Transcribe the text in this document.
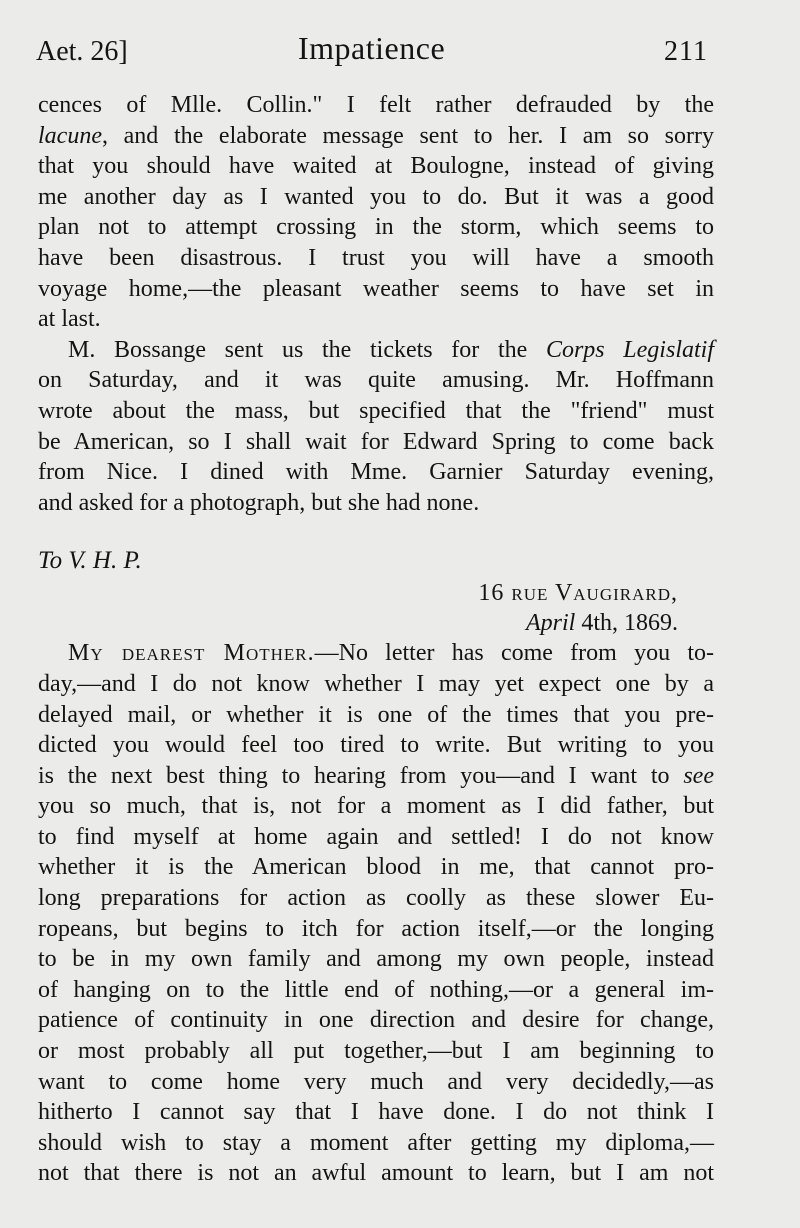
Aet. 26]	Impatience	211
cences of Mlle. Collin." I felt rather defrauded by the
lacune, and the elaborate message sent to her. I am so sorry
that you should have waited at Boulogne, instead of giving
me another day as I wanted you to do. But it was a good
plan not to attempt crossing in the storm, which seems to
have been disastrous. I trust you will have a smooth
voyage home,—the pleasant weather seems to have set in
at last.
M. Bossange sent us the tickets for the Corps Legislatif
on Saturday, and it was quite amusing. Mr. Hoffmann
wrote about the mass, but specified that the "friend" must
be American, so I shall wait for Edward Spring to come back
from Nice. I dined with Mme. Garnier Saturday evening,
and asked for a photograph, but she had none.
To V. H. P.
16 rue Vaugirard,
April 4th, 1869.
My dearest Mother.—No letter has come from you to-
day,—and I do not know whether I may yet expect one by a
delayed mail, or whether it is one of the times that you pre-
dicted you would feel too tired to write. But writing to you
is the next best thing to hearing from you—and I want to see
you so much, that is, not for a moment as I did father, but
to find myself at home again and settled! I do not know
whether it is the American blood in me, that cannot pro-
long preparations for action as coolly as these slower Eu-
ropeans, but begins to itch for action itself,—or the longing
to be in my own family and among my own people, instead
of hanging on to the little end of nothing,—or a general im-
patience of continuity in one direction and desire for change,
or most probably all put together,—but I am beginning to
want to come home very much and very decidedly,—as
hitherto I cannot say that I have done. I do not think I
should wish to stay a moment after getting my diploma,—
not that there is not an awful amount to learn, but I am not
